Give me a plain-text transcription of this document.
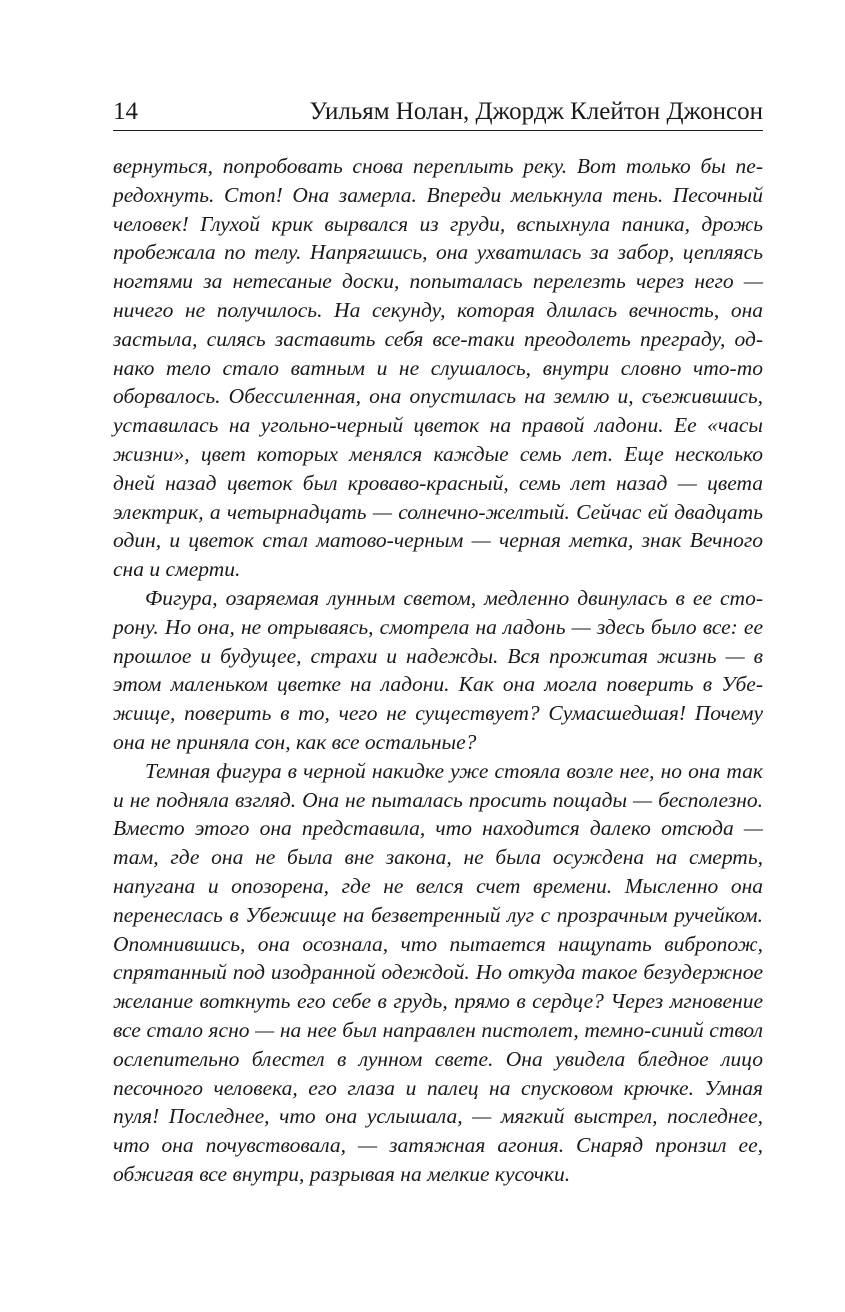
14	Уильям Нолан, Джордж Клейтон Джонсон

вернуться, попробовать снова переплыть реку. Вот только бы передохнуть. Стоп! Она замерла. Впереди мелькнула тень. Песочный человек! Глухой крик вырвался из груди, вспыхнула паника, дрожь пробежала по телу. Напрягшись, она ухватилась за забор, цепляясь ногтями за нетесаные доски, попыталась перелезть через него — ничего не получилось. На секунду, которая длилась вечность, она застыла, силясь заставить себя все-таки преодолеть преграду, однако тело стало ватным и не слушалось, внутри словно что-то оборвалось. Обессиленная, она опустилась на землю и, съежившись, уставилась на угольно-черный цветок на правой ладони. Ее «часы жизни», цвет которых менялся каждые семь лет. Еще несколько дней назад цветок был кроваво-красный, семь лет назад — цвета электрик, а четырнадцать — солнечно-желтый. Сейчас ей двадцать один, и цветок стал матово-черным — черная метка, знак Вечного сна и смерти.

Фигура, озаряемая лунным светом, медленно двинулась в ее сторону. Но она, не отрываясь, смотрела на ладонь — здесь было все: ее прошлое и будущее, страхи и надежды. Вся прожитая жизнь — в этом маленьком цветке на ладони. Как она могла поверить в Убежище, поверить в то, чего не существует? Сумасшедшая! Почему она не приняла сон, как все остальные?

Темная фигура в черной накидке уже стояла возле нее, но она так и не подняла взгляд. Она не пыталась просить пощады — бесполезно. Вместо этого она представила, что находится далеко отсюда — там, где она не была вне закона, не была осуждена на смерть, напугана и опозорена, где не велся счет времени. Мысленно она перенеслась в Убежище на безветренный луг с прозрачным ручейком. Опомнившись, она осознала, что пытается нащупать виброnож, спрятанный под изодранной одеждой. Но откуда такое безудержное желание воткнуть его себе в грудь, прямо в сердце? Через мгновение все стало ясно — на нее был направлен пистолет, темно-синий ствол ослепительно блестел в лунном свете. Она увидела бледное лицо песочного человека, его глаза и палец на спусковом крючке. Умная пуля! Последнее, что она услышала, — мягкий выстрел, последнее, что она почувствовала, — затяжная агония. Снаряд пронзил ее, обжигая все внутри, разрывая на мелкие кусочки.
